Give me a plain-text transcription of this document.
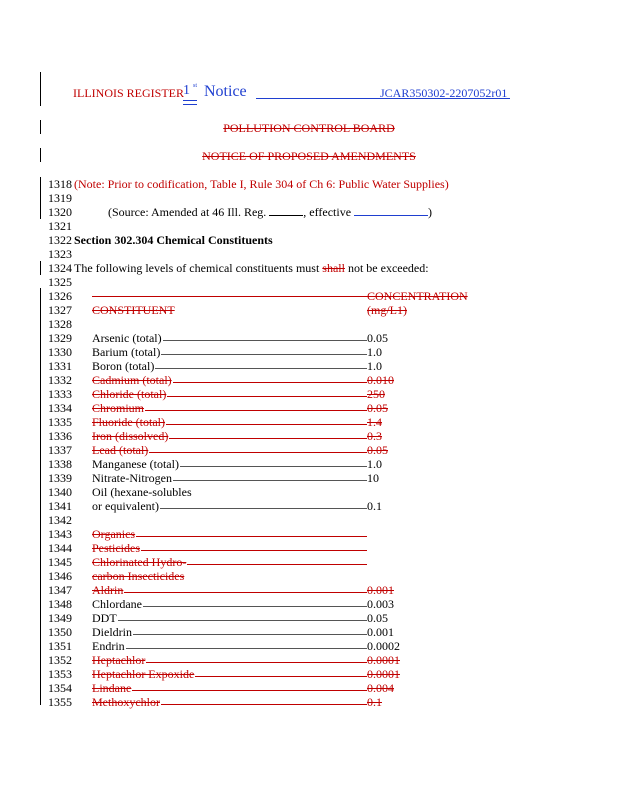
ILLINOIS REGISTER 1 st Notice	JCAR350302-2207052r01
POLLUTION CONTROL BOARD
NOTICE OF PROPOSED AMENDMENTS
1318 (Note: Prior to codification, Table I, Rule 304 of Ch 6: Public Water Supplies)
1319
1320	(Source: Amended at 46 Ill. Reg.	, effective	)
1321
1322 Section 302.304 Chemical Constituents
1323
1324 The following levels of chemical constituents must shall not be exceeded:
1325
1326	CONCENTRATION
1327 CONSTITUENT	(mg/L1)
1328
1329 Arsenic (total)	0.05
1330 Barium (total)	1.0
1331 Boron (total)	1.0
1332 Cadmium (total)	0.010
1333 Chloride (total)	250
1334 Chromium	0.05
1335 Fluoride (total)	1.4
1336 Iron (dissolved)	0.3
1337 Lead (total)	0.05
1338 Manganese (total)	1.0
1339 Nitrate-Nitrogen	10
1340 Oil (hexane-solubles
1341 or equivalent)	0.1
1342
1343 Organics
1344 Pesticides
1345 Chlorinated Hydro-
1346 carbon Insecticides
1347 Aldrin	0.001
1348 Chlordane	0.003
1349 DDT	0.05
1350 Dieldrin	0.001
1351 Endrin	0.0002
1352 Heptachlor	0.0001
1353 Heptachlor Expoxide	0.0001
1354 Lindane	0.004
1355 Methoxychlor	0.1
